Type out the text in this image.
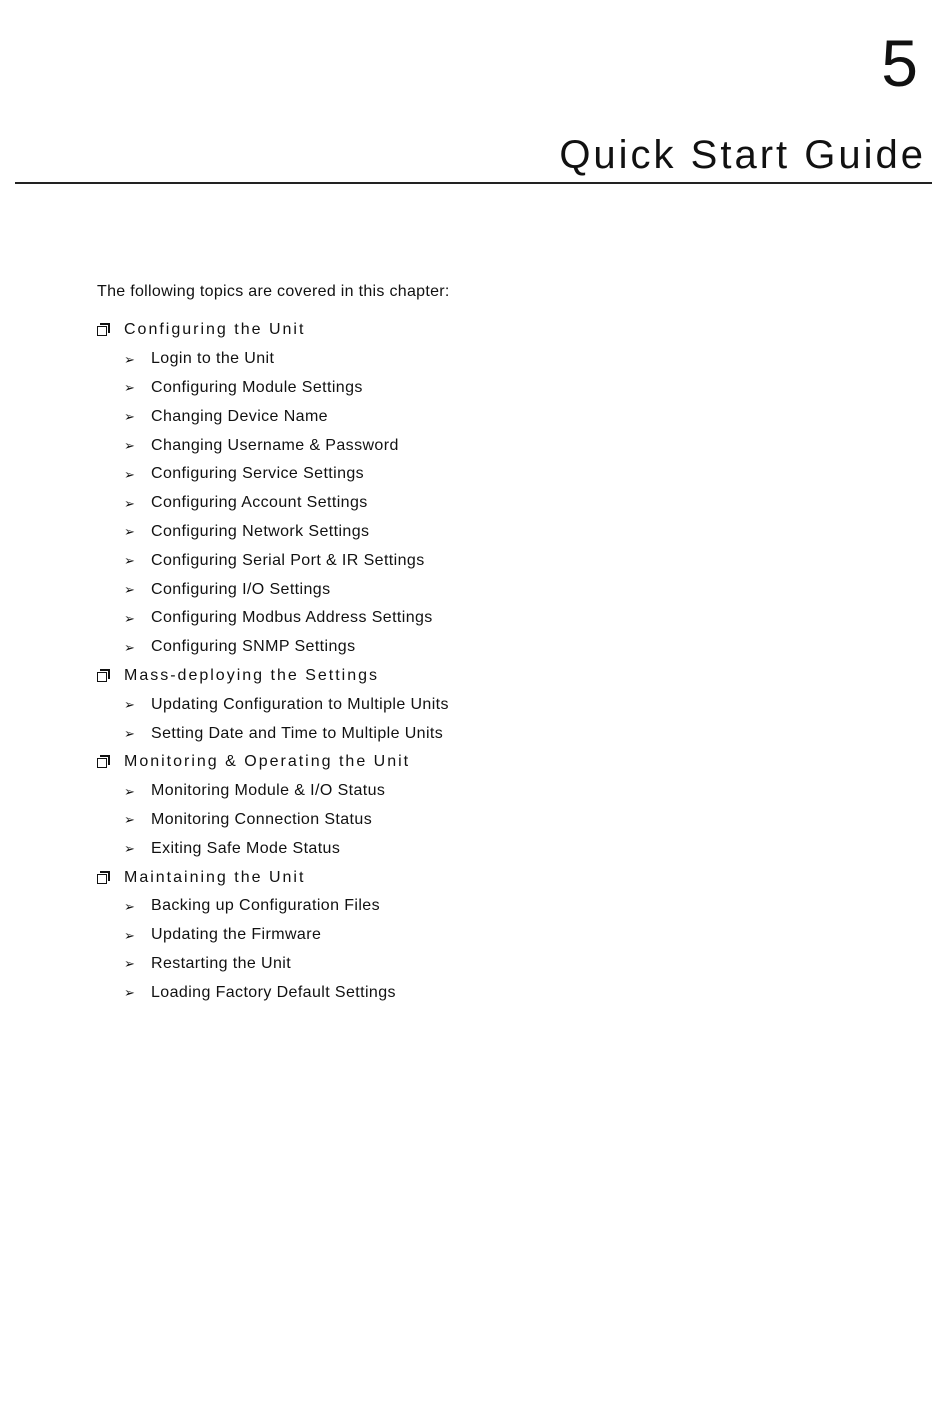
5
Quick Start Guide

The following topics are covered in this chapter:

Configuring the Unit
➢ Login to the Unit
➢ Configuring Module Settings
➢ Changing Device Name
➢ Changing Username & Password
➢ Configuring Service Settings
➢ Configuring Account Settings
➢ Configuring Network Settings
➢ Configuring Serial Port & IR Settings
➢ Configuring I/O Settings
➢ Configuring Modbus Address Settings
➢ Configuring SNMP Settings
Mass-deploying the Settings
➢ Updating Configuration to Multiple Units
➢ Setting Date and Time to Multiple Units
Monitoring & Operating the Unit
➢ Monitoring Module & I/O Status
➢ Monitoring Connection Status
➢ Exiting Safe Mode Status
Maintaining the Unit
➢ Backing up Configuration Files
➢ Updating the Firmware
➢ Restarting the Unit
➢ Loading Factory Default Settings
